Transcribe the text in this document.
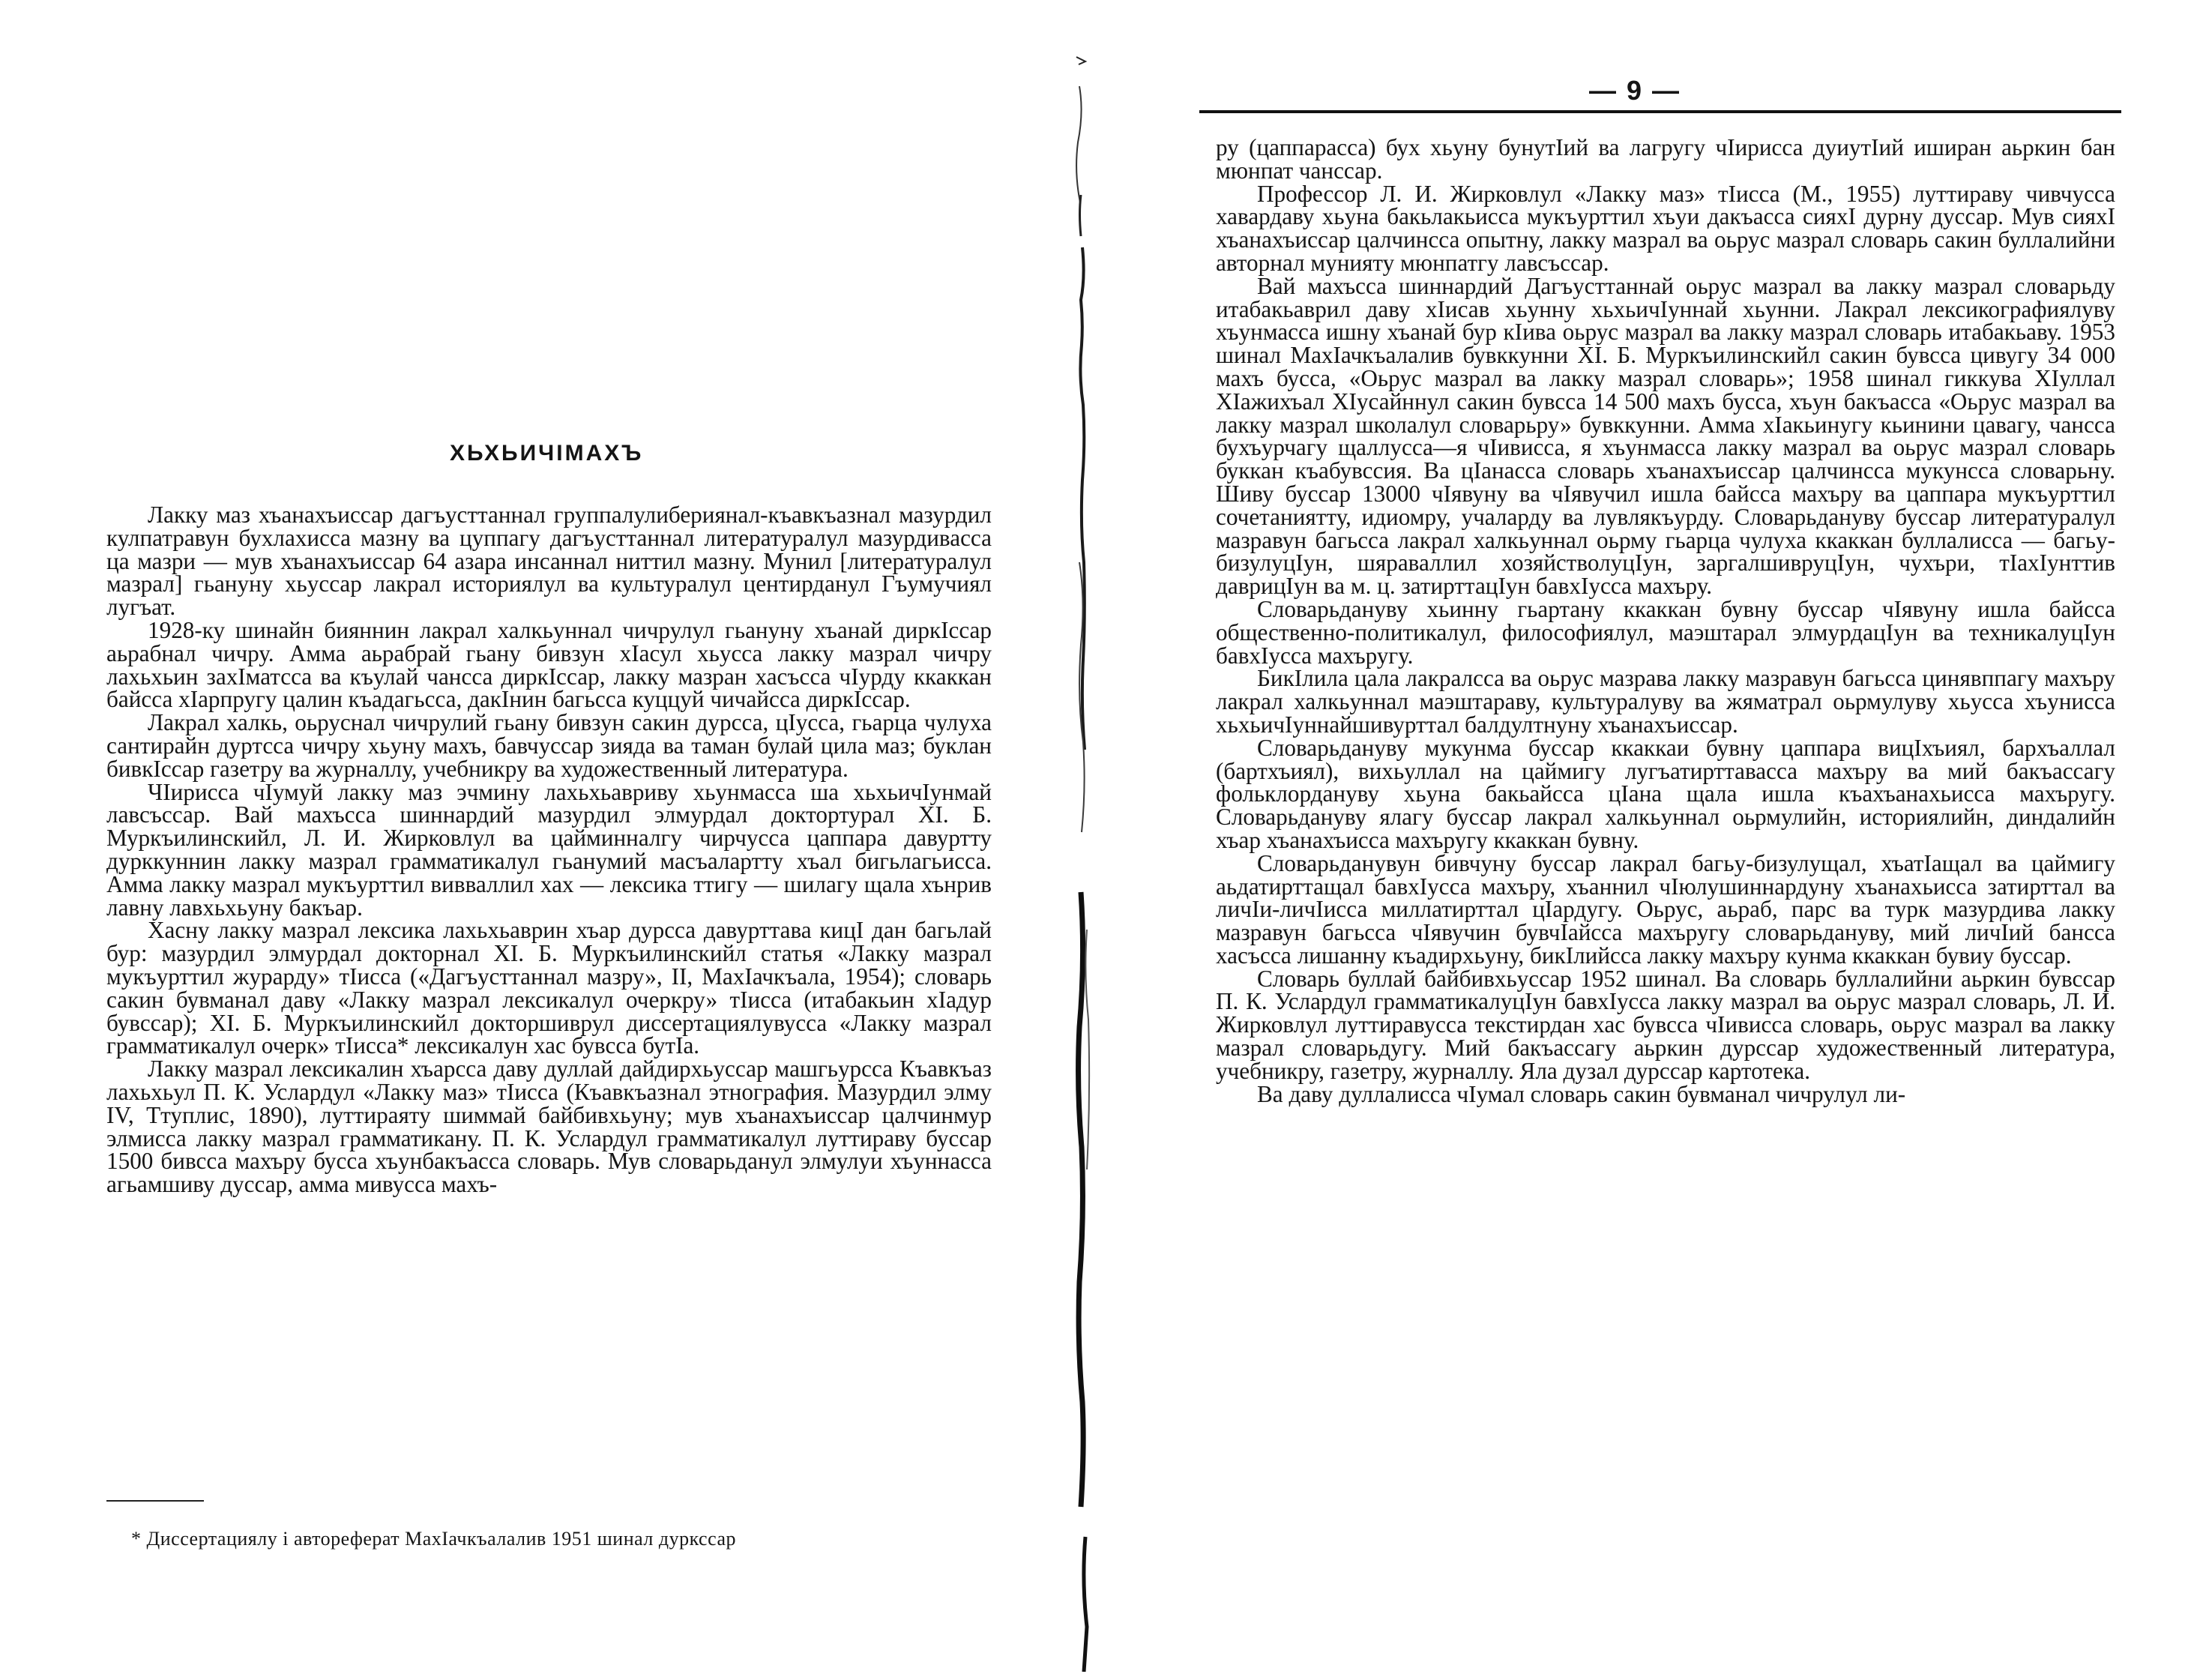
ХЬХЬИЧIМАХЪ

Лакку маз хъанахъиссар дагъусттаннал группалулибериянал-къавкъазнал мазурдил кулпатравун бухлахисса мазну ва цуппагу дагъусттаннал литературалул мазурдивасса ца мазри — мув хъанахъиссар 64 азара инсаннал ниттил мазну. Мунил [литературалул мазрал] гьануну хьуссар лакрал историялул ва культуралул центирданул Гъумучиял лугъат.

1928-ку шинайн бияннин лакрал халкьуннал чичрулул гьануну хъанай диркIссар аьрабнал чичру. Амма аьрабрай гьану бивзун хIасул хьусса лакку мазрал чичру лахьхьин захIматсса ва къулай чансса диркIссар, лакку мазран хасъсса чIурду ккаккан байсса хIарпругу цалин къадагьсса, дакIнин багьсса куццуй чичайсса диркIссар.

Лакрал халкь, оьруснал чичрулий гьану бивзун сакин дурсса, цIусса, гьарца чулуха сантирайн дуртсса чичру хьуну махъ, бавчуссар зияда ва таман булай цила маз; буклан бивкIссар газетру ва журналлу, учебникру ва художественный литература.

ЧIирисса чIумуй лакку маз эчмину лахьхьавриву хьунмасса ша хьхьичIунмай лавсъссар. Вай махъсса шиннардий мазурдил элмурдал доктортурал XI. Б. Муркъилинскийл, Л. И. Жирковлул ва цайминналгу чирчусса цаппара давуртту дурккуннин лакку мазрал грамматикалул гьанумий масъалартту хъал бигьлагьисса. Амма лакку мазрал мукъурттил вивваллил хах — лексика ттигу — шилагу щала хънрив лавну лавхьхьуну бакъар.

Хасну лакку мазрал лексика лахьхьаврин хъар дурсса давурттава кицI дан багьлай бур: мазурдил элмурдал доктoрнал XI. Б. Муркъилинскийл статья «Лакку мазрал мукъурттил журарду» тIисса («Дагъусттаннал мазру», II, МахIачкъала, 1954); словарь сакин бувманал даву «Лакку мазрал лексикалул очеркру» тIисса (итабакьин хIадур бувссар); XI. Б. Муркъилинскийл докторшиврул диссертациялувусса «Лакку мазрал грамматикалул очерк» тIисса* лексикалун хас бувсса бутIа.

Лакку мазрал лексикалин хъарсса даву дуллай дайдирхьуссар машгьурсса Къавкъаз лахьхьул П. К. Услардул «Лакку маз» тIисса (Къавкъазнал этнография. Мазурдил элму IV, Ттуплис, 1890), луттираяту шиммай байбивхьуну; мув хъанахъиссар цалчинмур элмисса лакку мазрал грамматикану. П. К. Услардул грамматикалул луттираву буссар 1500 бивсса махъру бусса хъунбакъасса словарь. Мув словарьданул элмулуи хъуннасса агьамшиву дуссар, амма мивусса махъ-

* Диссертациялу і автореферат МахIачкъалалив 1951 шинал дуркссар
— 9 —

ру (цаппарасса) бух хьуну бунутIий ва лагругу чIирисса дуиутIий иширан аьркин бан мюнпат чанссар.

Профессор Л. И. Жирковлул «Лакку маз» тIисса (М., 1955) луттираву чивчусса хавардаву хьуна бакьлакьисса мукъурттил хъуи дакъасса сияхI дурну дуссар. Мув сияхI хъанахъиссар цалчинсса опытну, лакку мазрал ва оьрус мазрал словарь сакин буллалийни авторнал мунияту мюнпатгу лавсъссар.

Вай махъсса шиннардий Дагъусттаннай оьрус мазрал ва лакку мазрал словарьду итабакьаврил даву хIисав хьунну хьхьичIуннай хьунни. Лакрал лексикографиялуву хъунмасса ишну хъанай бур кIива оьрус мазрал ва лакку мазрал словарь итабакьаву. 1953 шинал МахIачкъалалив бувккунни XI. Б. Муркъилинскийл сакин бувсса цивугу 34 000 махъ бусса, «Оьрус мазрал ва лакку мазрал словарь»; 1958 шинал гиккува XIуллал XIажихъал XIусайннул сакин бувсса 14 500 махъ бусса, хъун бакъасса «Оьрус мазрал ва лакку мазрал школалул словарьру» бувккунни. Амма хIакьинугу кьинини цавагу, чансса бухъурчагу щаллусса—я чIивисса, я хъунмасса лакку мазрал ва оьрус мазрал словарь буккан къабувссия. Ва цIанасса словарь хъанахъиссар цалчинсса мукунсса словарьну. Шиву буссар 13000 чIявуну ва чIявучил ишла байсса махъру ва цаппара мукъурттил сочетаниятту, идиомру, учаларду ва лувлякъурду. Словарьдануву буссар литературалул мазравун багьсса лакрал халкьуннал оьрму гьарца чулуха ккаккан буллалисса — багьу-бизулуцIун, шяраваллил хозяйстволуцIун, заргалшивруцIун, чухъри, тIахIунттив даврицIун ва м. ц. затирттацIун бавхIусса махъру.

Словарьдануву хьинну гьартану ккаккан бувну буссар чIявуну ишла байсса общественно-политикалул, философиялул, маэштарал элмурдацIун ва техникалуцIун бавхIусса махъругу.

БикIлила цала лакралсса ва оьрус мазрава лакку мазравун багьсса цинявппагу махъру лакрал халкьуннал маэштараву, культуралуву ва жяматрал оьрмулуву хьусса хъунисса хьхьичIуннайшивурттал балдултнуну хъанахъиссар.

Словарьдануву мукунма буссар ккаккаи бувну цаппара вицIхъиял, бархъаллал (бартхъиял), вихьуллал на цаймигу лугъатирттавасса махъру ва мий бакъассагу фольклордануву хьуна бакьайсса цIана щала ишла къахъанахьисса махъругу. Словарьдануву ялагу буссар лакрал халкьуннал оьрмулийн, историялийн, диндалийн хъар хъанахъисса махъругу ккаккан бувну.

Словарьданувун бивчуну буссар лакрал багьу-бизулущал, хъатIащал ва цаймигу аьдатирттащал бавхIусса махъру, хъаннил чIюлушиннардуну хъанахьисса затирттал ва личIи-личIисса миллатирттал цIардугу. Оьрус, аьраб, парс ва турк мазурдива лакку мазравун багьсса чIявучин бувчIайсса махъругу словарьдануву, мий личIий бансса хасъсса лишанну къадирхьуну, бикIлийсса лакку махъру кунма ккаккан бувиу буссар.

Словарь буллай байбивхьуссар 1952 шинал. Ва словарь буллалийни аьркин бувссар П. К. Услардул грамматикалуцIун бавхIусса лакку мазрал ва оьрус мазрал словарь, Л. И. Жирковлул луттиравусса текстирдан хас бувсса чIивисса словарь, оьрус мазрал ва лакку мазрал словарьдугу. Мий бакъассагу аьркин дурссар художественный литература, учебникру, газетру, журналлу. Яла дузал дурссар картотека.

Ва даву дуллалисса чIумал словарь сакин бувманал чичрулул ли-
